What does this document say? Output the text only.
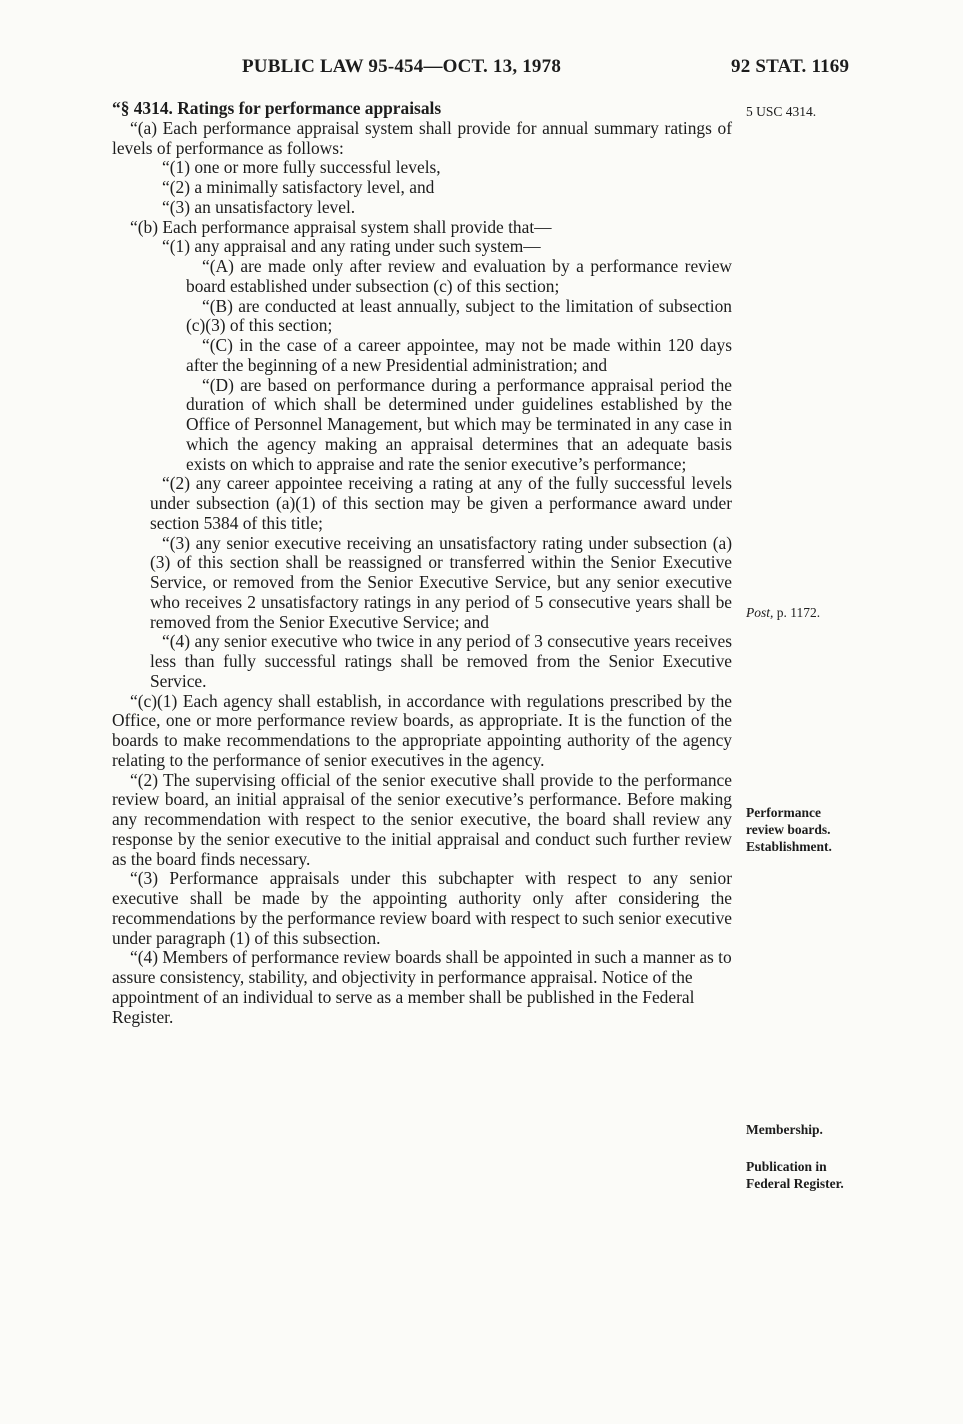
PUBLIC LAW 95-454—OCT. 13, 1978	92 STAT. 1169

“§ 4314. Ratings for performance appraisals

“(a) Each performance appraisal system shall provide for annual summary ratings of levels of performance as follows:

“(1) one or more fully successful levels,

“(2) a minimally satisfactory level, and

“(3) an unsatisfactory level.

“(b) Each performance appraisal system shall provide that—

“(1) any appraisal and any rating under such system—

“(A) are made only after review and evaluation by a performance review board established under subsection (c) of this section;

“(B) are conducted at least annually, subject to the limitation of subsection (c)(3) of this section;

“(C) in the case of a career appointee, may not be made within 120 days after the beginning of a new Presidential administration; and

“(D) are based on performance during a performance appraisal period the duration of which shall be determined under guidelines established by the Office of Personnel Management, but which may be terminated in any case in which the agency making an appraisal determines that an adequate basis exists on which to appraise and rate the senior executive’s performance;

“(2) any career appointee receiving a rating at any of the fully successful levels under subsection (a)(1) of this section may be given a performance award under section 5384 of this title;

“(3) any senior executive receiving an unsatisfactory rating under subsection (a)(3) of this section shall be reassigned or transferred within the Senior Executive Service, or removed from the Senior Executive Service, but any senior executive who receives 2 unsatisfactory ratings in any period of 5 consecutive years shall be removed from the Senior Executive Service; and

“(4) any senior executive who twice in any period of 3 consecutive years receives less than fully successful ratings shall be removed from the Senior Executive Service.

“(c)(1) Each agency shall establish, in accordance with regulations prescribed by the Office, one or more performance review boards, as appropriate. It is the function of the boards to make recommendations to the appropriate appointing authority of the agency relating to the performance of senior executives in the agency.

“(2) The supervising official of the senior executive shall provide to the performance review board, an initial appraisal of the senior executive’s performance. Before making any recommendation with respect to the senior executive, the board shall review any response by the senior executive to the initial appraisal and conduct such further review as the board finds necessary.

“(3) Performance appraisals under this subchapter with respect to any senior executive shall be made by the appointing authority only after considering the recommendations by the performance review board with respect to such senior executive under paragraph (1) of this subsection.

“(4) Members of performance review boards shall be appointed in such a manner as to assure consistency, stability, and objectivity in performance appraisal. Notice of the appointment of an individual to serve as a member shall be published in the Federal Register.

5 USC 4314.
Post, p. 1172.
Performance
review boards.
Establishment.
Membership.
Publication in
Federal Register.
